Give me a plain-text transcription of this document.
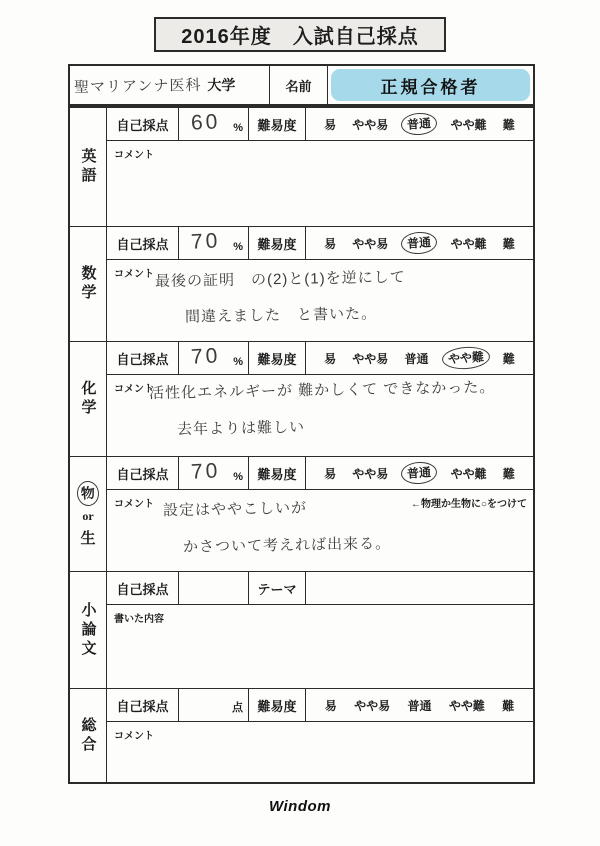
2016年度　入試自己採点
聖マリアンナ医科 大学	名前	正規合格者
英語
自己採点	60 %	難易度	易 やや易	普通	やや難 難
コメント
数学
自己採点	70 %	難易度	易 やや易	普通	やや難 難
コメント 最後の証明　の(2)と(1)を逆にして
間違えました　と書いた。
化学
自己採点	70 %	難易度	易 やや易 普通	やや難	難
コメント
活性化エネルギーが 難かしくて できなかった。
去年よりは難しい
物
or
生
自己採点	70 %	難易度	易 やや易	普通	やや難 難
コメント	←物理か生物に○をつけて
設定はややこしいが
かさついて考えれば出来る。
小論文
自己採点	テーマ
書いた内容
総合
自己採点	点	難易度	易 やや易 普通 やや難 難
コメント
Windom
